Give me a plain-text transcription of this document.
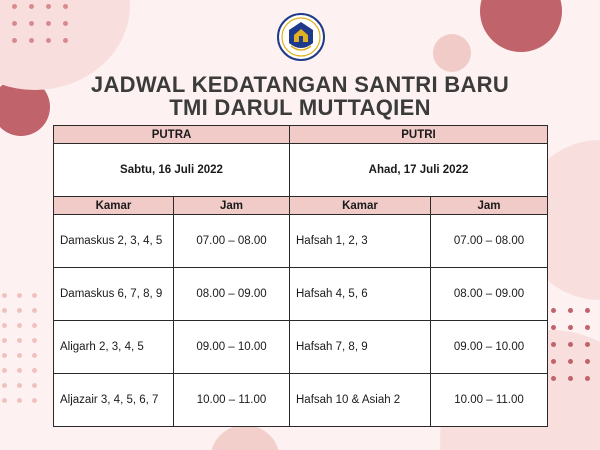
JADWAL KEDATANGAN SANTRI BARU
TMI DARUL MUTTAQIEN
PUTRA		PUTRI	
Sabtu, 16 Juli 2022		Ahad, 17 Juli 2022	
Kamar	Jam	Kamar	Jam
Damaskus 2, 3, 4, 5	07.00 – 08.00	Hafsah 1, 2, 3	07.00 – 08.00
Damaskus 6, 7, 8, 9	08.00 – 09.00	Hafsah 4, 5, 6	08.00 – 09.00
Aligarh 2, 3, 4, 5	09.00 – 10.00	Hafsah 7, 8, 9	09.00 – 10.00
Aljazair 3, 4, 5, 6, 7	10.00 – 11.00	Hafsah 10 & Asiah 2	10.00 – 11.00
